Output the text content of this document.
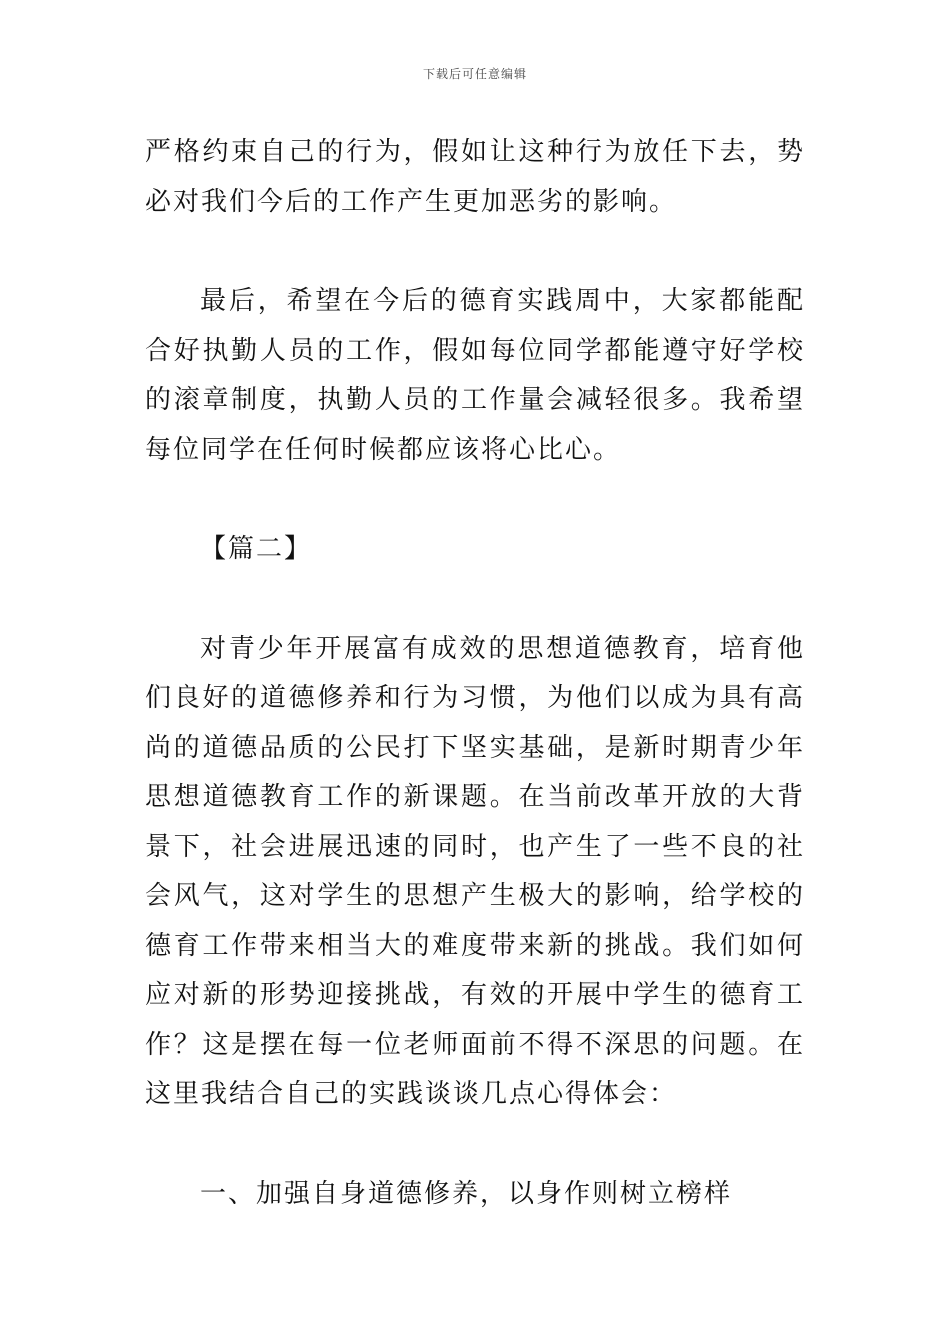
下载后可任意编辑

严格约束自己的行为，假如让这种行为放任下去，势必对我们今后的工作产生更加恶劣的影响。

最后，希望在今后的德育实践周中，大家都能配合好执勤人员的工作，假如每位同学都能遵守好学校的滚章制度，执勤人员的工作量会减轻很多。我希望每位同学在任何时候都应该将心比心。

【篇二】

对青少年开展富有成效的思想道德教育，培育他们良好的道德修养和行为习惯，为他们以成为具有高尚的道德品质的公民打下坚实基础，是新时期青少年思想道德教育工作的新课题。在当前改革开放的大背景下，社会进展迅速的同时，也产生了一些不良的社会风气，这对学生的思想产生极大的影响，给学校的德育工作带来相当大的难度带来新的挑战。我们如何应对新的形势迎接挑战，有效的开展中学生的德育工作？这是摆在每一位老师面前不得不深思的问题。在这里我结合自己的实践谈谈几点心得体会：

一、加强自身道德修养，以身作则树立榜样
